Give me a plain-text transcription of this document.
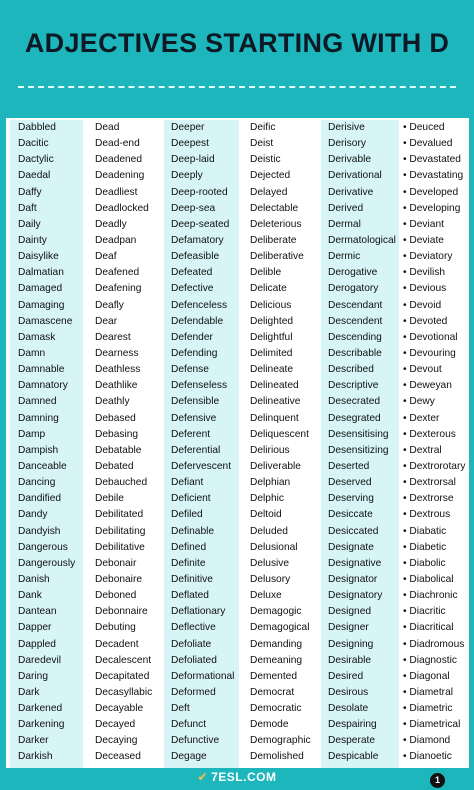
ADJECTIVES STARTING WITH D
Dabbled
Dacitic
Dactylic
Daedal
Daffy
Daft
Daily
Dainty
Daisylike
Dalmatian
Damaged
Damaging
Damascene
Damask
Damn
Damnable
Damnatory
Damned
Damning
Damp
Dampish
Danceable
Dancing
Dandified
Dandy
Dandyish
Dangerous
Dangerously
Danish
Dank
Dantean
Dapper
Dappled
Daredevil
Daring
Dark
Darkened
Darkening
Darker
Darkish
Dead
Dead-end
Deadened
Deadening
Deadliest
Deadlocked
Deadly
Deadpan
Deaf
Deafened
Deafening
Deafly
Dear
Dearest
Dearness
Deathless
Deathlike
Deathly
Debased
Debasing
Debatable
Debated
Debauched
Debile
Debilitated
Debilitating
Debilitative
Debonair
Debonaire
Deboned
Debonnaire
Debuting
Decadent
Decalescent
Decapitated
Decasyllabic
Decayable
Decayed
Decaying
Deceased
Deeper
Deepest
Deep-laid
Deeply
Deep-rooted
Deep-sea
Deep-seated
Defamatory
Defeasible
Defeated
Defective
Defenceless
Defendable
Defender
Defending
Defense
Defenseless
Defensible
Defensive
Deferent
Deferential
Defervescent
Defiant
Deficient
Defiled
Definable
Defined
Definite
Definitive
Deflated
Deflationary
Deflective
Defoliate
Defoliated
Deformational
Deformed
Deft
Defunct
Defunctive
Degage
Deific
Deist
Deistic
Dejected
Delayed
Delectable
Deleterious
Deliberate
Deliberative
Delible
Delicate
Delicious
Delighted
Delightful
Delimited
Delineate
Delineated
Delineative
Delinquent
Deliquescent
Delirious
Deliverable
Delphian
Delphic
Deltoid
Deluded
Delusional
Delusive
Delusory
Deluxe
Demagogic
Demagogical
Demanding
Demeaning
Demented
Democrat
Democratic
Demode
Demographic
Demolished
Derisive
Derisory
Derivable
Derivational
Derivative
Derived
Dermal
Dermatological
Dermic
Derogative
Derogatory
Descendant
Descendent
Descending
Describable
Described
Descriptive
Desecrated
Desegrated
Desensitising
Desensitizing
Deserted
Deserved
Deserving
Desiccate
Desiccated
Designate
Designative
Designator
Designatory
Designed
Designer
Designing
Desirable
Desired
Desirous
Desolate
Despairing
Desperate
Despicable
• Deuced
• Devalued
• Devastated
• Devastating
• Developed
• Developing
• Deviant
• Deviate
• Deviatory
• Devilish
• Devious
• Devoid
• Devoted
• Devotional
• Devouring
• Devout
• Deweyan
• Dewy
• Dexter
• Dexterous
• Dextral
• Dextrorotary
• Dextrorsal
• Dextrorse
• Dextrous
• Diabatic
• Diabetic
• Diabolic
• Diabolical
• Diachronic
• Diacritic
• Diacritical
• Diadromous
• Diagnostic
• Diagonal
• Diametral
• Diametric
• Diametrical
• Diamond
• Dianoetic
✔ 7ESL.COM	1
